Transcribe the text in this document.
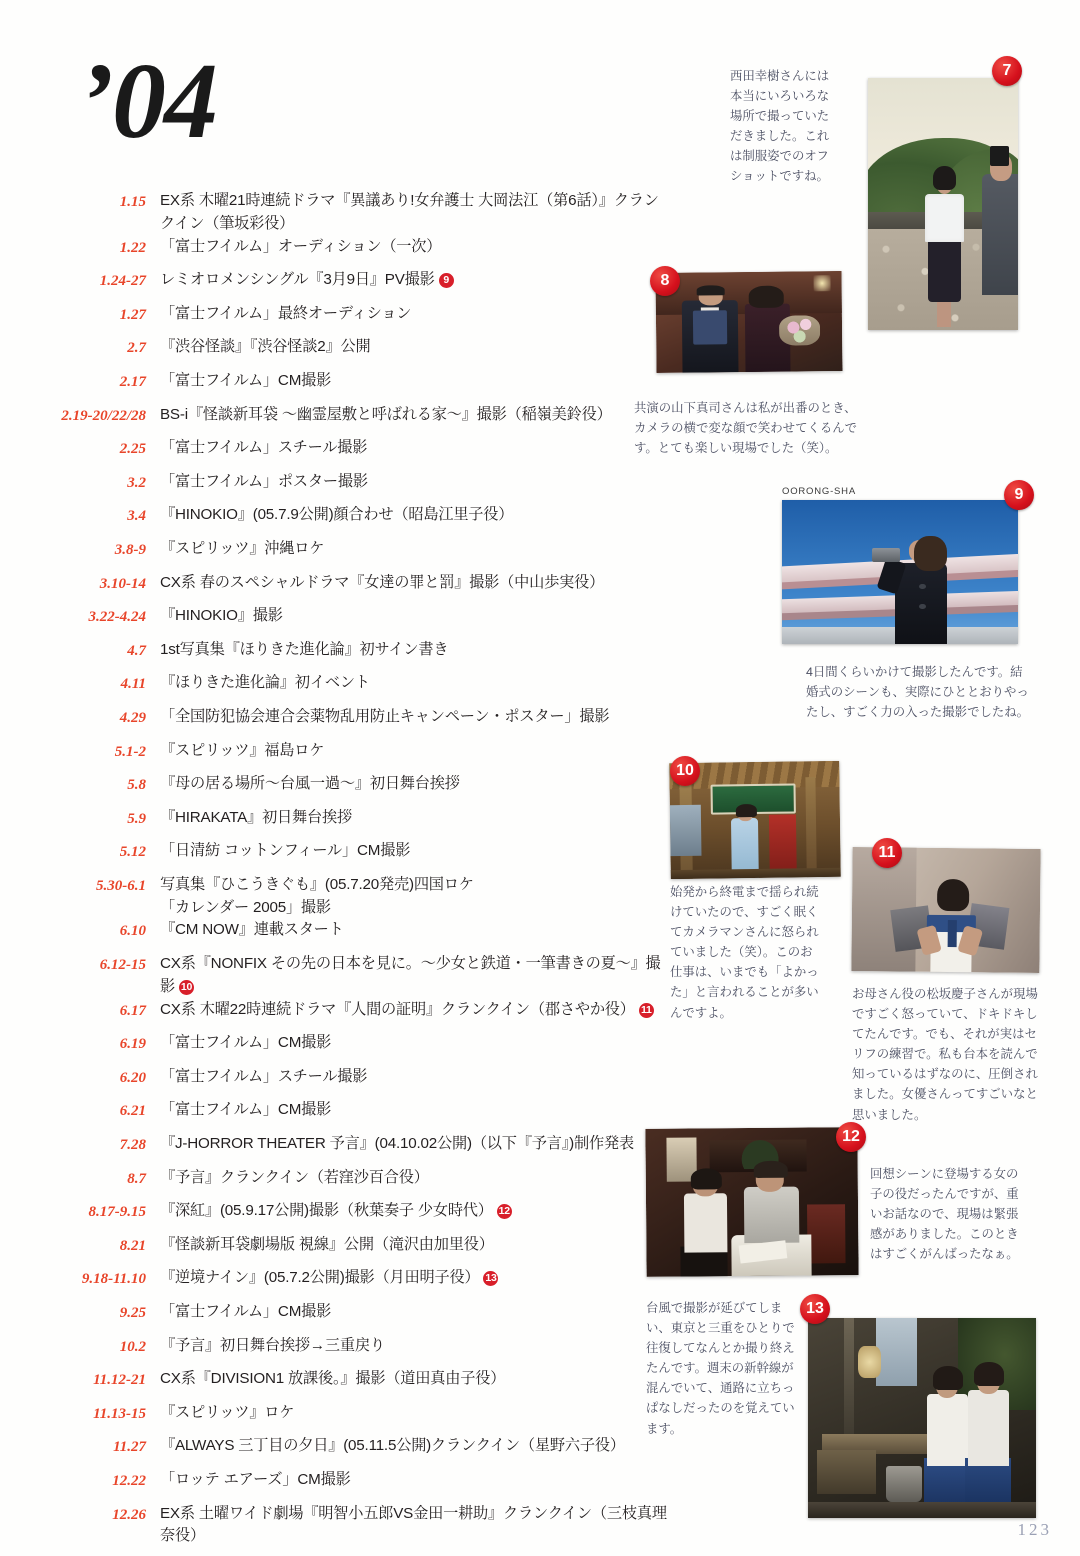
’04
1.15 EX系 木曜21時連続ドラマ『異議あり!女弁護士 大岡法江（第6話）』クランクイン（筆坂彩役）
1.22 「富士フイルム」オーディション（一次）
1.24-27 レミオロメンシングル『3月9日』PV撮影 9
1.27 「富士フイルム」最終オーディション
2.7 『渋谷怪談』『渋谷怪談2』公開
2.17 「富士フイルム」CM撮影
2.19-20/22/28 BS-i『怪談新耳袋 〜幽霊屋敷と呼ばれる家〜』撮影（稲嶺美鈴役）
2.25 「富士フイルム」スチール撮影
3.2 「富士フイルム」ポスター撮影
3.4 『HINOKIO』(05.7.9公開)顔合わせ（昭島江里子役）
3.8-9 『スピリッツ』沖縄ロケ
3.10-14 CX系 春のスペシャルドラマ『女達の罪と罰』撮影（中山歩実役）
3.22-4.24 『HINOKIO』撮影
4.7 1st写真集『ほりきた進化論』初サイン書き
4.11 『ほりきた進化論』初イベント
4.29 「全国防犯協会連合会薬物乱用防止キャンペーン・ポスター」撮影
5.1-2 『スピリッツ』福島ロケ
5.8 『母の居る場所〜台風一過〜』初日舞台挨拶
5.9 『HIRAKATA』初日舞台挨拶
5.12 「日清紡 コットンフィール」CM撮影
5.30-6.1 写真集『ひこうきぐも』(05.7.20発売)四国ロケ
「カレンダー 2005」撮影
6.10 『CM NOW』連載スタート
6.12-15 CX系『NONFIX その先の日本を見に。〜少女と鉄道・一筆書きの夏〜』撮影 10
6.17 CX系 木曜22時連続ドラマ『人間の証明』クランクイン（郡さやか役） 11
6.19 「富士フイルム」CM撮影
6.20 「富士フイルム」スチール撮影
6.21 「富士フイルム」CM撮影
7.28 『J-HORROR THEATER 予言』(04.10.02公開)（以下『予言』)制作発表
8.7 『予言』クランクイン（若窪沙百合役）
8.17-9.15 『深紅』(05.9.17公開)撮影（秋葉奏子 少女時代） 12
8.21 『怪談新耳袋劇場版 視線』公開（滝沢由加里役）
9.18-11.10 『逆境ナイン』(05.7.2公開)撮影（月田明子役） 13
9.25 「富士フイルム」CM撮影
10.2 『予言』初日舞台挨拶→三重戻り
11.12-21 CX系『DIVISION1 放課後。』撮影（道田真由子役）
11.13-15 『スピリッツ』ロケ
11.27 『ALWAYS 三丁目の夕日』(05.11.5公開)クランクイン（星野六子役）
12.22 「ロッテ エアーズ」CM撮影
12.26 EX系 土曜ワイド劇場『明智小五郎VS金田一耕助』クランクイン（三枝真理奈役）
7
西田幸樹さんには本当にいろいろな場所で撮っていただきました。これは制服姿でのオフショットですね。
8
共演の山下真司さんは私が出番のとき、カメラの横で変な顔で笑わせてくるんです。とても楽しい現場でした（笑）。
OORONG-SHA	9
4日間くらいかけて撮影したんです。結婚式のシーンも、実際にひととおりやったし、すごく力の入った撮影でしたね。
10
始発から終電まで揺られ続けていたので、すごく眠くてカメラマンさんに怒られていました（笑）。このお仕事は、いまでも「よかった」と言われることが多いんですよ。
11
お母さん役の松坂慶子さんが現場ですごく怒っていて、ドキドキしてたんです。でも、それが実はセリフの練習で。私も台本を読んで知っているはずなのに、圧倒されました。女優さんってすごいなと思いました。
12
回想シーンに登場する女の子の役だったんですが、重いお話なので、現場は緊張感がありました。このときはすごくがんばったなぁ。
13
台風で撮影が延びてしまい、東京と三重をひとりで往復してなんとか撮り終えたんです。週末の新幹線が混んでいて、通路に立ちっぱなしだったのを覚えています。
123
